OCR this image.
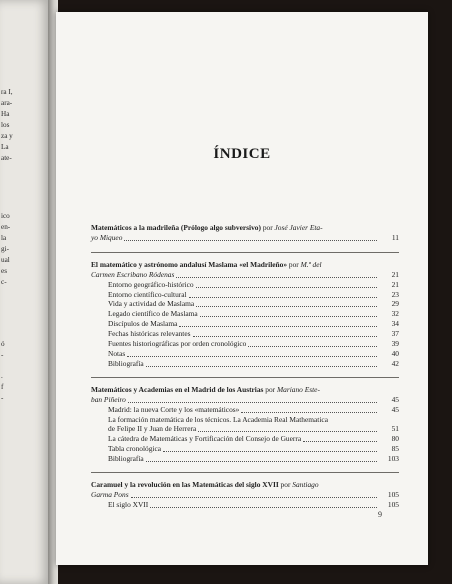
ra I,
ara-
Ha
los
za y
La
ate-
ico
en-
la
gi-
ual
es
c-
ó
-
.
f
-
ÍNDICE
Matemáticos a la madrileña (Prólogo algo subversivo) por José Javier Eta-
yo Miqueo	11
El matemático y astrónomo andalusí Maslama «el Madrileño» por M.ª del
Carmen Escribano Ródenas	21
Entorno geográfico-histórico	21
Entorno científico-cultural	23
Vida y actividad de Maslama	29
Legado científico de Maslama	32
Discípulos de Maslama	34
Fechas históricas relevantes	37
Fuentes historiográficas por orden cronológico	39
Notas	40
Bibliografía	42
Matemáticos y Academias en el Madrid de los Austrias por Mariano Este-
ban Piñeiro	45
Madrid: la nueva Corte y los «matemáticos»	45
La formación matemática de los técnicos. La Academia Real Mathematica
de Felipe II y Juan de Herrera	51
La cátedra de Matemáticas y Fortificación del Consejo de Guerra	80
Tabla cronológica	85
Bibliografía	103
Caramuel y la revolución en las Matemáticas del siglo XVII por Santiago
Garma Pons	105
El siglo XVII	105
9
